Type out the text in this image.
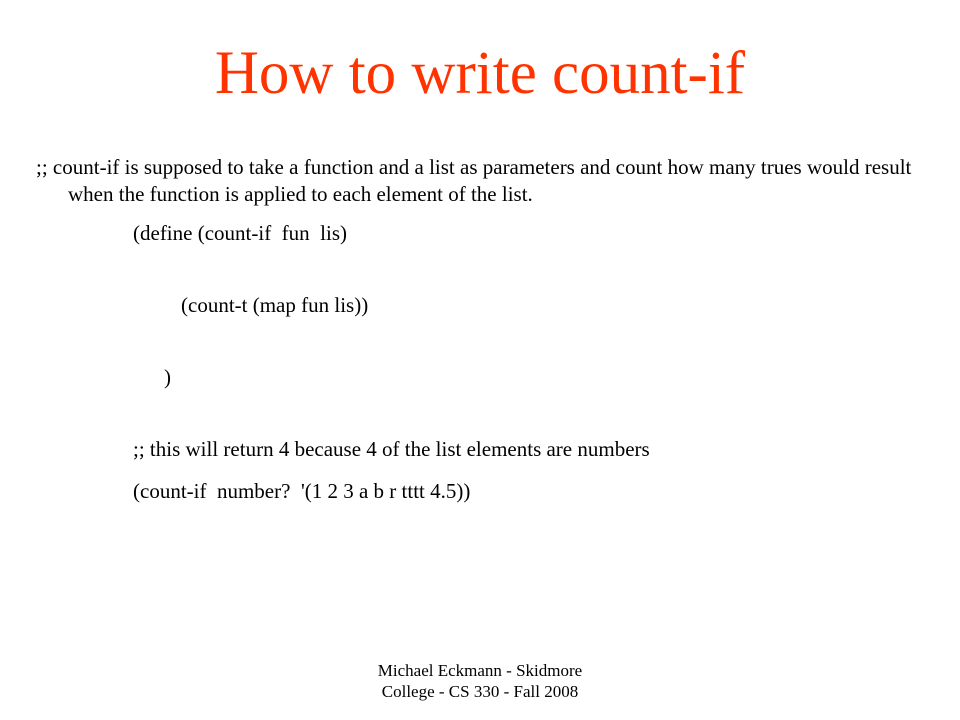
How to write count-if
;; count-if is supposed to take a function and a list as parameters and count how many trues would result when the function is applied to each element of the list.
(define (count-if  fun  lis)
(count-t (map fun lis))
)
;; this will return 4 because 4 of the list elements are numbers
(count-if  number?  '(1 2 3 a b r tttt 4.5))
Michael Eckmann - Skidmore College - CS 330 - Fall 2008
